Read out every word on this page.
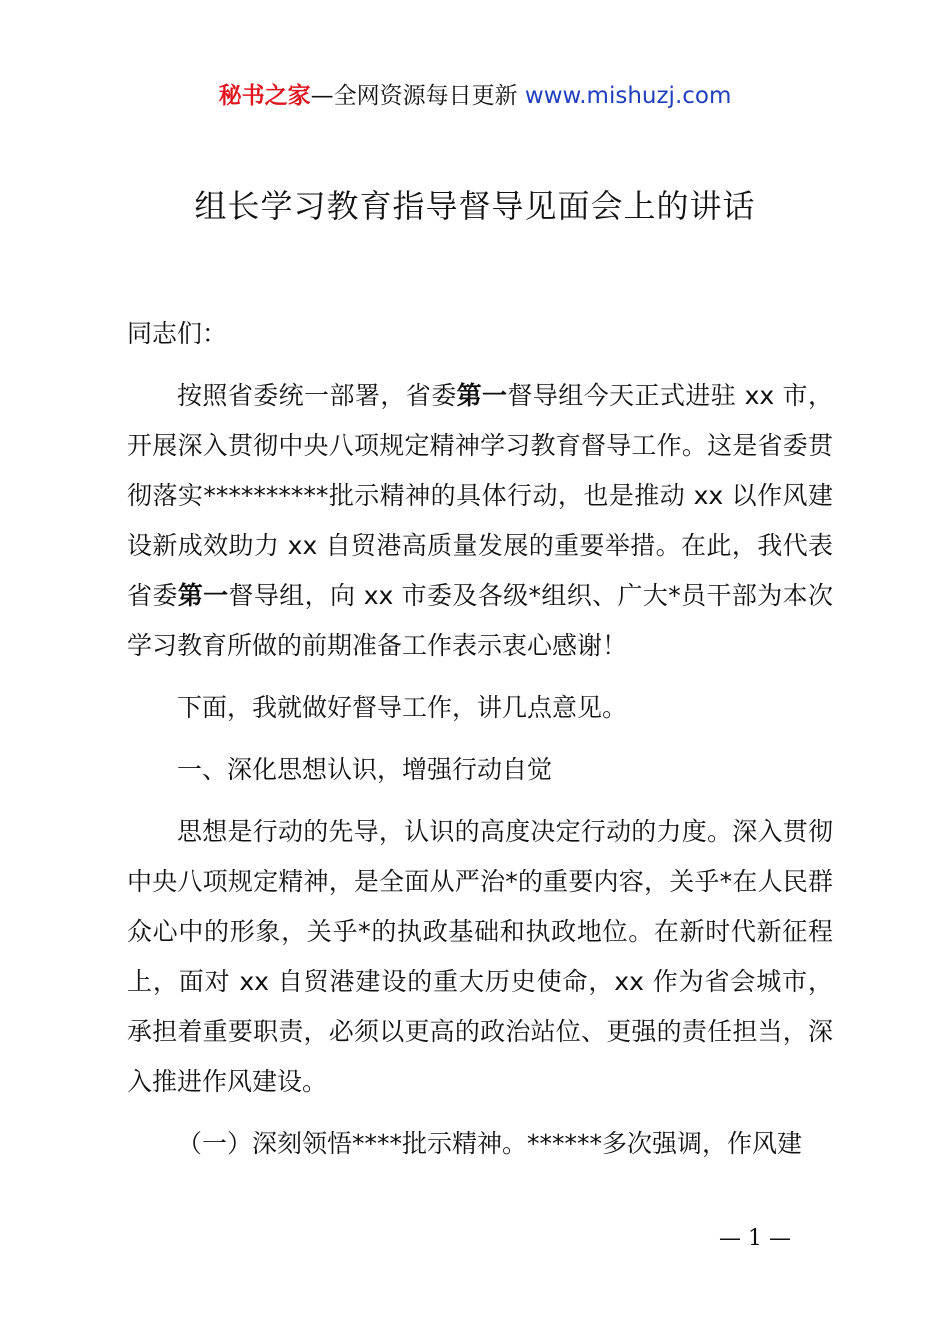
秘书之家—全网资源每日更新 www.mishuzj.com
组长学习教育指导督导见面会上的讲话

同志们：

按照省委统一部署，省委第一督导组今天正式进驻 xx 市，开展深入贯彻中央八项规定精神学习教育督导工作。这是省委贯彻落实**********批示精神的具体行动，也是推动 xx 以作风建设新成效助力 xx 自贸港高质量发展的重要举措。在此，我代表省委第一督导组，向 xx 市委及各级*组织、广大*员干部为本次学习教育所做的前期准备工作表示衷心感谢！

下面，我就做好督导工作，讲几点意见。

一、深化思想认识，增强行动自觉

思想是行动的先导，认识的高度决定行动的力度。深入贯彻中央八项规定精神，是全面从严治*的重要内容，关乎*在人民群众心中的形象，关乎*的执政基础和执政地位。在新时代新征程上，面对 xx 自贸港建设的重大历史使命，xx 作为省会城市，承担着重要职责，必须以更高的政治站位、更强的责任担当，深入推进作风建设。

（一）深刻领悟****批示精神。******多次强调，作风建

— 1 —
